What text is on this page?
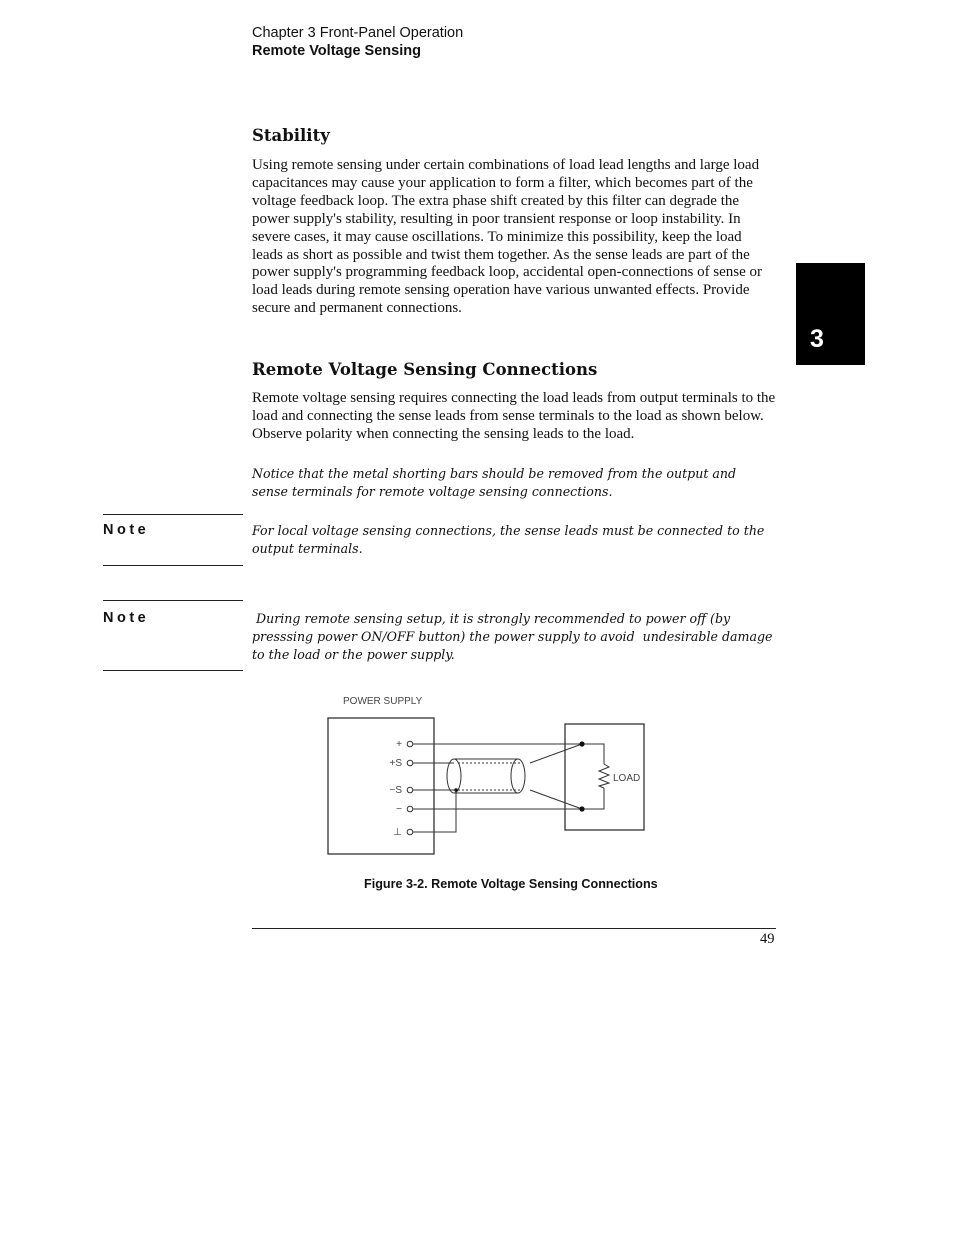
Chapter 3 Front-Panel Operation
Remote Voltage Sensing
3
Stability

Using remote sensing under certain combinations of load lead lengths and large load capacitances may cause your application to form a filter, which becomes part of the voltage feedback loop. The extra phase shift created by this filter can degrade the power supply's stability, resulting in poor transient response or loop instability. In severe cases, it may cause oscillations. To minimize this possibility, keep the load leads as short as possible and twist them together. As the sense leads are part of the power supply's programming feedback loop, accidental open-connections of sense or load leads during remote sensing operation have various unwanted effects. Provide secure and permanent connections.

Remote Voltage Sensing Connections

Remote voltage sensing requires connecting the load leads from output terminals to the load and connecting the sense leads from sense terminals to the load as shown below. Observe polarity when connecting the sensing leads to the load.

Notice that the metal shorting bars should be removed from the output and sense terminals for remote voltage sensing connections.

Note	For local voltage sensing connections, the sense leads must be connected to the output terminals.

Note	During remote sensing setup, it is strongly recommended to power off (by presssing power ON/OFF button) the power supply to avoid  undesirable damage to the load or the power supply.

POWER SUPPLY
+
+S
−S
−
⊥
LOAD
Figure 3-2. Remote Voltage Sensing Connections
49
